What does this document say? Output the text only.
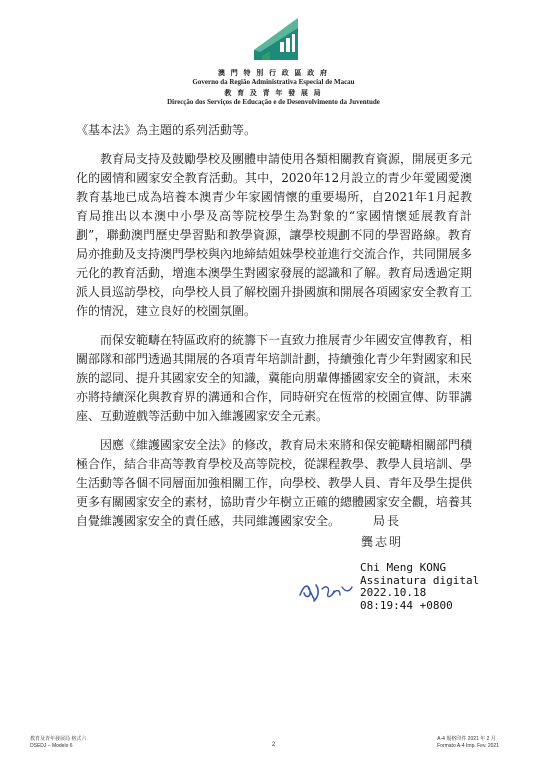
澳 門 特 別 行 政 區 政 府
Governo da Região Administrativa Especial de Macau
教 育 及 青 年 發 展 局
Direcção dos Serviços de Educação e de Desenvolvimento da Juventude

《基本法》為主題的系列活動等。

教育局支持及鼓勵學校及團體申請使用各類相關教育資源，開展更多元化的國情和國家安全教育活動。其中，2020年12月設立的青少年愛國愛澳教育基地已成為培養本澳青少年家國情懷的重要場所，自2021年1月起教育局推出以本澳中小學及高等院校學生為對象的“家國情懷延展教育計劃”，聯動澳門歷史學習點和教學資源，讓學校規劃不同的學習路線。教育局亦推動及支持澳門學校與內地締結姐妹學校並進行交流合作，共同開展多元化的教育活動，增進本澳學生對國家發展的認識和了解。教育局透過定期派人員巡訪學校，向學校人員了解校園升掛國旗和開展各項國家安全教育工作的情況，建立良好的校園氛圍。

而保安範疇在特區政府的統籌下一直致力推展青少年國安宣傳教育，相關部隊和部門透過其開展的各項青年培訓計劃，持續強化青少年對國家和民族的認同、提升其國家安全的知識，冀能向朋輩傳播國家安全的資訊，未來亦將持續深化與教育界的溝通和合作，同時研究在恆常的校園宣傳、防罪講座、互動遊戲等活動中加入維護國家安全元素。

因應《維護國家安全法》的修改，教育局未來將和保安範疇相關部門積極合作，結合非高等教育學校及高等院校，從課程教學、教學人員培訓、學生活動等各個不同層面加強相關工作，向學校、教學人員、青年及學生提供更多有關國家安全的素材，協助青少年樹立正確的總體國家安全觀，培養其自覺維護國家安全的責任感，共同維護國家安全。	局長
龔志明
Chi Meng KONG
Assinatura digital
2022.10.18
08:19:44 +0800
教育及青年發展局 格式六
DSEDJ – Modelo 6	2
A-4 規格印件 2021 年 2 月
Formato A-4 Imp. Fev. 2021
